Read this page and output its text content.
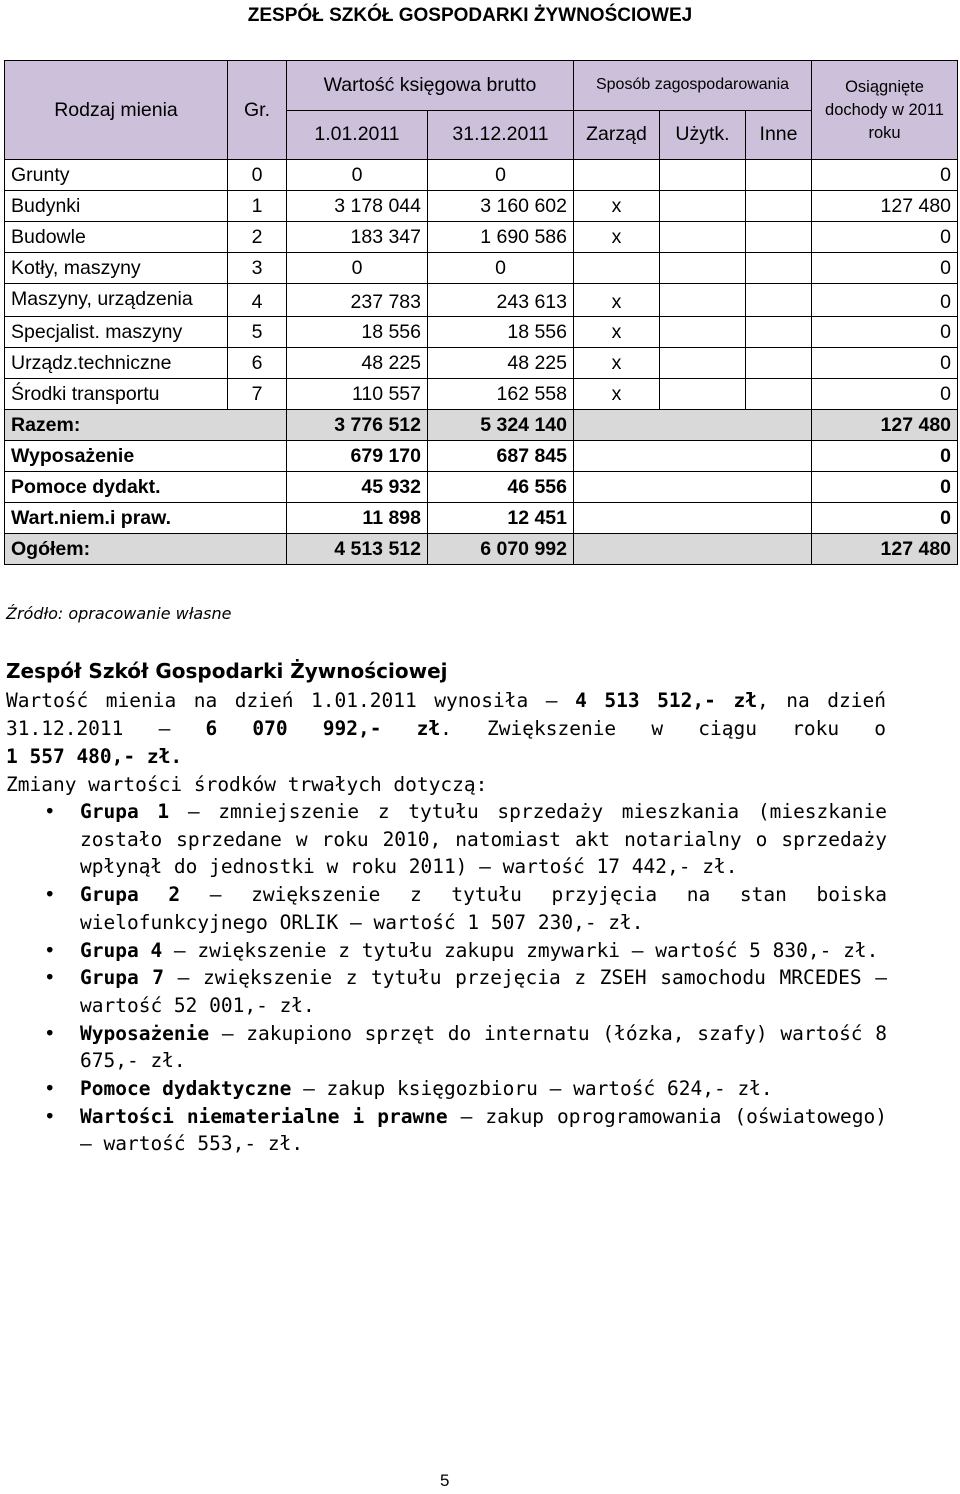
ZESPÓŁ SZKÓŁ GOSPODARKI ŻYWNOŚCIOWEJ
Rodzaj mienia	Gr.	Wartość księgowa brutto		Sposób zagospodarowania			Osiągnięte dochody w 2011 roku
		1.01.2011	31.12.2011	Zarząd	Użytk.	Inne	
Grunty	0	0	0				0
Budynki	1	3 178 044	3 160 602	x			127 480
Budowle	2	183 347	1 690 586	x			0
Kotły, maszyny	3	0	0				0
Maszyny, urządzenia	4	237 783	243 613	x			0
Specjalist. maszyny	5	18 556	18 556	x			0
Urządz.techniczne	6	48 225	48 225	x			0
Środki transportu	7	110 557	162 558	x			0
Razem:		3 776 512	5 324 140				127 480
Wyposażenie		679 170	687 845				0
Pomoce dydakt.		45 932	46 556				0
Wart.niem.i praw.		11 898	12 451				0
Ogółem:		4 513 512	6 070 992				127 480
Źródło: opracowanie własne
Zespół Szkół Gospodarki Żywnościowej
Wartość mienia na dzień 1.01.2011 wynosiła – 4 513 512,- zł, na dzień
31.12.2011 – 6 070 992,- zł. Zwiększenie w ciągu roku o
1 557 480,- zł.
Zmiany wartości środków trwałych dotyczą:
• Grupa 1 – zmniejszenie z tytułu sprzedaży mieszkania (mieszkanie zostało sprzedane w roku 2010, natomiast akt notarialny o sprzedaży wpłynął do jednostki w roku 2011) – wartość 17 442,- zł.
• Grupa 2 – zwiększenie z tytułu przyjęcia na stan boiska wielofunkcyjnego ORLIK – wartość 1 507 230,- zł.
• Grupa 4 – zwiększenie z tytułu zakupu zmywarki – wartość 5 830,- zł.
• Grupa 7 – zwiększenie z tytułu przejęcia z ZSEH samochodu MRCEDES – wartość 52 001,- zł.
• Wyposażenie – zakupiono sprzęt do internatu (łózka, szafy) wartość 8 675,- zł.
• Pomoce dydaktyczne – zakup księgozbioru – wartość 624,- zł.
• Wartości niematerialne i prawne – zakup oprogramowania (oświatowego) – wartość 553,- zł.
5
